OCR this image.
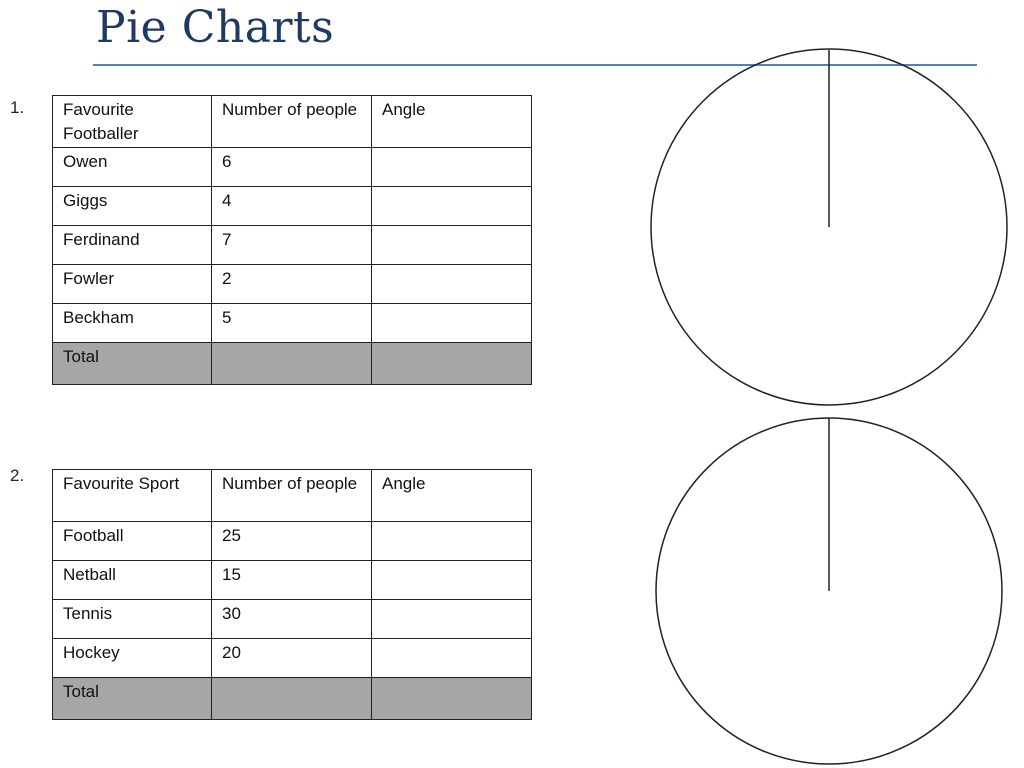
Pie Charts
1. Favourite Footballer	Number of people	Angle
Owen	6	
Giggs	4	
Ferdinand	7	
Fowler	2	
Beckham	5	
Total		
2. Favourite Sport	Number of people	Angle
Football	25	
Netball	15	
Tennis	30	
Hockey	20	
Total		
